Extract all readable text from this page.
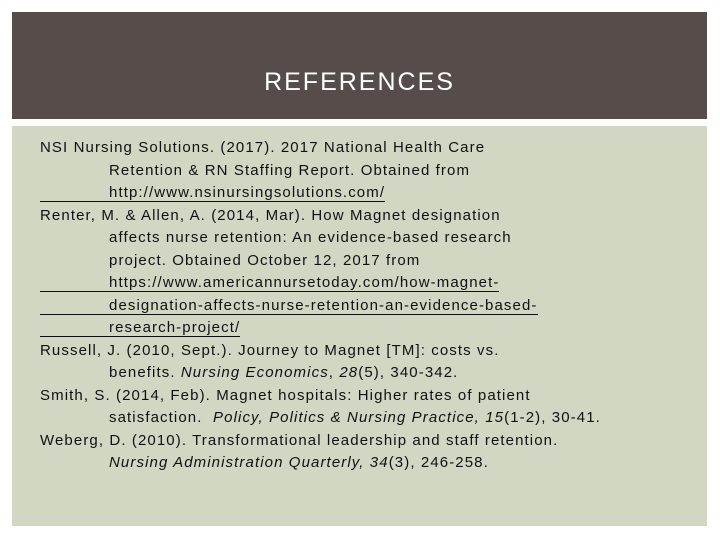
REFERENCES
NSI Nursing Solutions. (2017). 2017 National Health Care
Retention & RN Staffing Report. Obtained from
http://www.nsinursingsolutions.com/
Renter, M. & Allen, A. (2014, Mar). How Magnet designation
affects nurse retention: An evidence-based research
project. Obtained October 12, 2017 from
https://www.americannursetoday.com/how-magnet-
designation-affects-nurse-retention-an-evidence-based-
research-project/
Russell, J. (2010, Sept.). Journey to Magnet [TM]: costs vs.
benefits. Nursing Economics, 28(5), 340-342.
Smith, S. (2014, Feb). Magnet hospitals: Higher rates of patient
satisfaction.  Policy, Politics & Nursing Practice, 15(1-2), 30-41.
Weberg, D. (2010). Transformational leadership and staff retention.
Nursing Administration Quarterly, 34(3), 246-258.
